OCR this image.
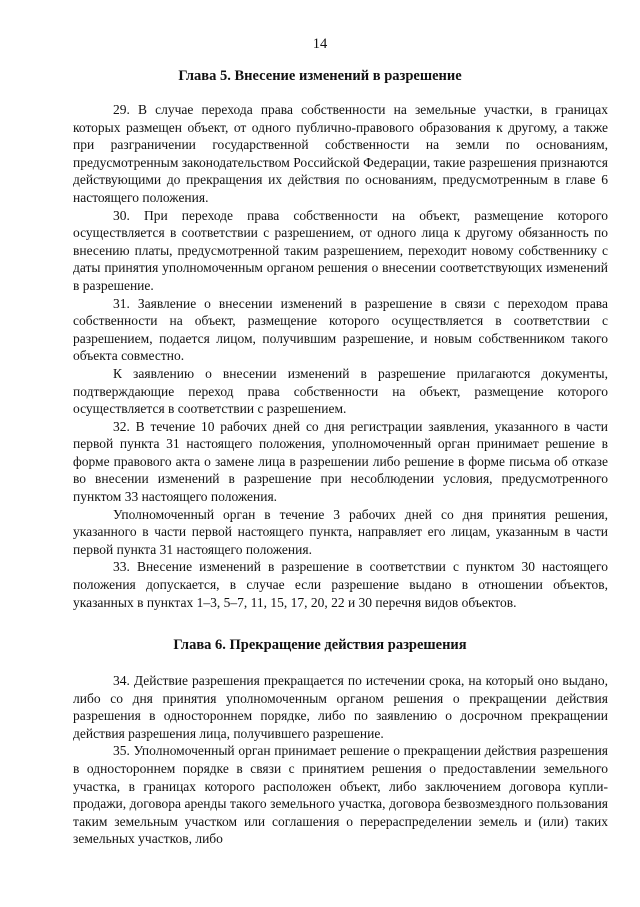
14
Глава 5. Внесение изменений в разрешение

29. В случае перехода права собственности на земельные участки, в границах которых размещен объект, от одного публично-правового образования к другому, а также при разграничении государственной собственности на земли по основаниям, предусмотренным законодательством Российской Федерации, такие разрешения признаются действующими до прекращения их действия по основаниям, предусмотренным в главе 6 настоящего положения.

30. При переходе права собственности на объект, размещение которого осуществляется в соответствии с разрешением, от одного лица к другому обязанность по внесению платы, предусмотренной таким разрешением, переходит новому собственнику с даты принятия уполномоченным органом решения о внесении соответствующих изменений в разрешение.

31. Заявление о внесении изменений в разрешение в связи с переходом права собственности на объект, размещение которого осуществляется в соответствии с разрешением, подается лицом, получившим разрешение, и новым собственником такого объекта совместно.

К заявлению о внесении изменений в разрешение прилагаются документы, подтверждающие переход права собственности на объект, размещение которого осуществляется в соответствии с разрешением.

32. В течение 10 рабочих дней со дня регистрации заявления, указанного в части первой пункта 31 настоящего положения, уполномоченный орган принимает решение в форме правового акта о замене лица в разрешении либо решение в форме письма об отказе во внесении изменений в разрешение при несоблюдении условия, предусмотренного пунктом 33 настоящего положения.

Уполномоченный орган в течение 3 рабочих дней со дня принятия решения, указанного в части первой настоящего пункта, направляет его лицам, указанным в части первой пункта 31 настоящего положения.

33. Внесение изменений в разрешение в соответствии с пунктом 30 настоящего положения допускается, в случае если разрешение выдано в отношении объектов, указанных в пунктах 1–3, 5–7, 11, 15, 17, 20, 22 и 30 перечня видов объектов.

Глава 6. Прекращение действия разрешения

34. Действие разрешения прекращается по истечении срока, на который оно выдано, либо со дня принятия уполномоченным органом решения о прекращении действия разрешения в одностороннем порядке, либо по заявлению о досрочном прекращении действия разрешения лица, получившего разрешение.

35. Уполномоченный орган принимает решение о прекращении действия разрешения в одностороннем порядке в связи с принятием решения о предоставлении земельного участка, в границах которого расположен объект, либо заключением договора купли-продажи, договора аренды такого земельного участка, договора безвозмездного пользования таким земельным участком или соглашения о перераспределении земель и (или) таких земельных участков, либо
